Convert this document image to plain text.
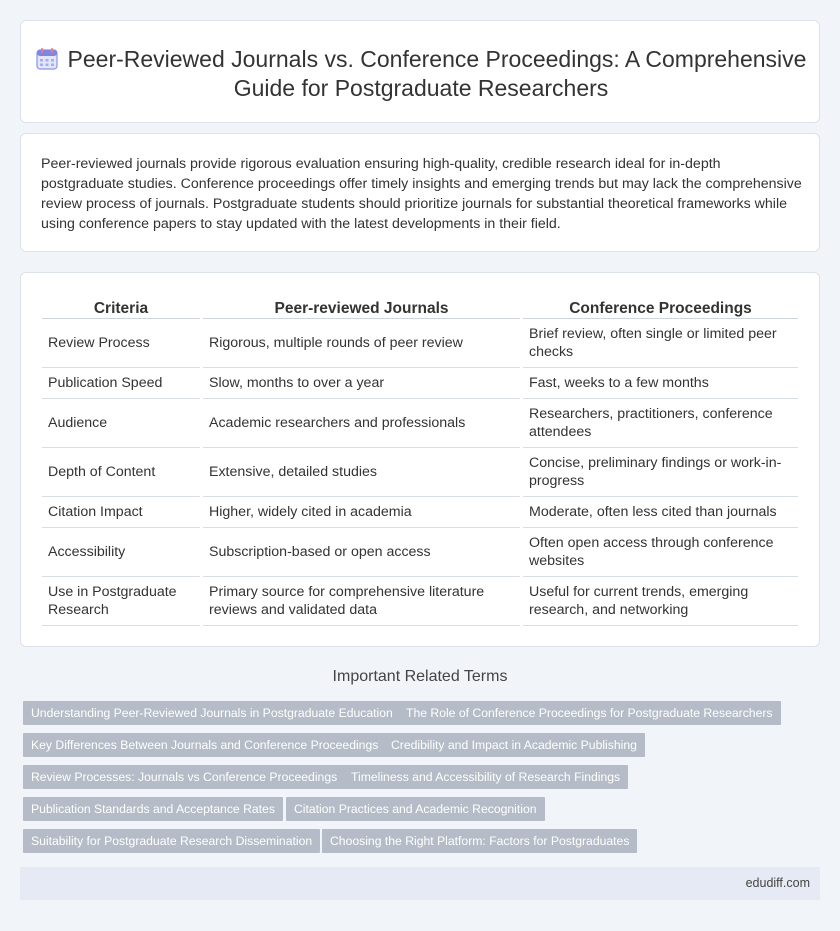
Peer-Reviewed Journals vs. Conference Proceedings: A Comprehensive Guide for Postgraduate Researchers

Peer-reviewed journals provide rigorous evaluation ensuring high-quality, credible research ideal for in-depth postgraduate studies. Conference proceedings offer timely insights and emerging trends but may lack the comprehensive review process of journals. Postgraduate students should prioritize journals for substantial theoretical frameworks while using conference papers to stay updated with the latest developments in their field.

Criteria		Peer-reviewed Journals		Conference Proceedings
Review Process		Rigorous, multiple rounds of peer review		Brief review, often single or limited peer checks
Publication Speed		Slow, months to over a year		Fast, weeks to a few months
Audience		Academic researchers and professionals		Researchers, practitioners, conference attendees
Depth of Content		Extensive, detailed studies		Concise, preliminary findings or work-in-progress
Citation Impact		Higher, widely cited in academia		Moderate, often less cited than journals
Accessibility		Subscription-based or open access		Often open access through conference websites
Use in Postgraduate Research		Primary source for comprehensive literature reviews and validated data		Useful for current trends, emerging research, and networking
Important Related Terms
Understanding Peer-Reviewed Journals in Postgraduate Education	The Role of Conference Proceedings for Postgraduate Researchers
Key Differences Between Journals and Conference Proceedings	Credibility and Impact in Academic Publishing
Review Processes: Journals vs Conference Proceedings	Timeliness and Accessibility of Research Findings
Publication Standards and Acceptance Rates	Citation Practices and Academic Recognition
Suitability for Postgraduate Research Dissemination	Choosing the Right Platform: Factors for Postgraduates
edudiff.com
